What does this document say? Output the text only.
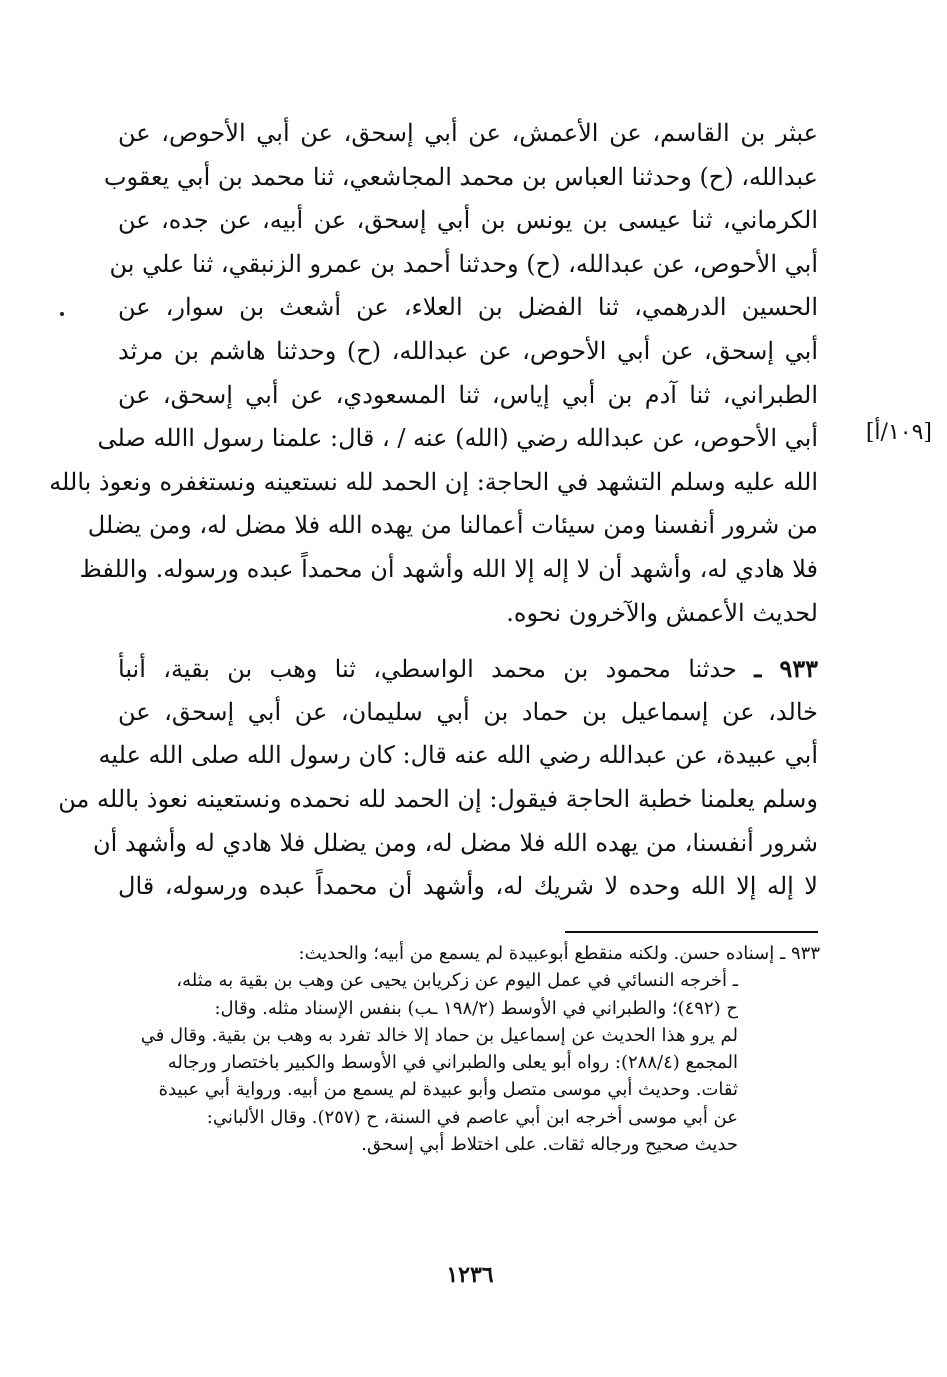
[١٠٩/أ]
عبثر بن القاسم، عن الأعمش، عن أبي إسحق، عن أبي الأحوص، عن
عبدالله، (ح) وحدثنا العباس بن محمد المجاشعي، ثنا محمد بن أبي يعقوب
الكرماني، ثنا عيسى بن يونس بن أبي إسحق، عن أبيه، عن جده، عن
أبي الأحوص، عن عبدالله، (ح) وحدثنا أحمد بن عمرو الزنبقي، ثنا علي بن
الحسين الدرهمي، ثنا الفضل بن العلاء، عن أشعث بن سوار، عن
أبي إسحق، عن أبي الأحوص، عن عبدالله، (ح) وحدثنا هاشم بن مرثد
الطبراني، ثنا آدم بن أبي إياس، ثنا المسعودي، عن أبي إسحق، عن
أبي الأحوص، عن عبدالله رضي (الله) عنه / ، قال: علمنا رسول االله صلى
الله عليه وسلم التشهد في الحاجة: إن الحمد لله نستعينه ونستغفره ونعوذ بالله
من شرور أنفسنا ومن سيئات أعمالنا من يهده الله فلا مضل له، ومن يضلل
فلا هادي له، وأشهد أن لا إله إلا الله وأشهد أن محمداً عبده ورسوله. واللفظ
لحديث الأعمش والآخرون نحوه.
٩٣٣ ـ حدثنا محمود بن محمد الواسطي، ثنا وهب بن بقية، أنبأ
خالد، عن إسماعيل بن حماد بن أبي سليمان، عن أبي إسحق، عن
أبي عبيدة، عن عبدالله رضي الله عنه قال: كان رسول الله صلى الله عليه
وسلم يعلمنا خطبة الحاجة فيقول: إن الحمد لله نحمده ونستعينه نعوذ بالله من
شرور أنفسنا، من يهده الله فلا مضل له، ومن يضلل فلا هادي له وأشهد أن
لا إله إلا الله وحده لا شريك له، وأشهد أن محمداً عبده ورسوله، قال
٩٣٣ ـ إسناده حسن. ولكنه منقطع أبوعبيدة لم يسمع من أبيه؛ والحديث:
ـ أخرجه النسائي في عمل اليوم عن زكريابن يحيى عن وهب بن بقية به مثله،
ح (٤٩٢)؛ والطبراني في الأوسط (١٩٨/٢ ـب) بنفس الإسناد مثله. وقال:
لم يرو هذا الحديث عن إسماعيل بن حماد إلا خالد تفرد به وهب بن بقية. وقال في
المجمع (٢٨٨/٤): رواه أبو يعلى والطبراني في الأوسط والكبير باختصار ورجاله
ثقات. وحديث أبي موسى متصل وأبو عبيدة لم يسمع من أبيه. ورواية أبي عبيدة
عن أبي موسى أخرجه ابن أبي عاصم في السنة، ح (٢٥٧). وقال الألباني:
حديث صحيح ورجاله ثقات. على اختلاط أبي إسحق.
١٢٣٦
